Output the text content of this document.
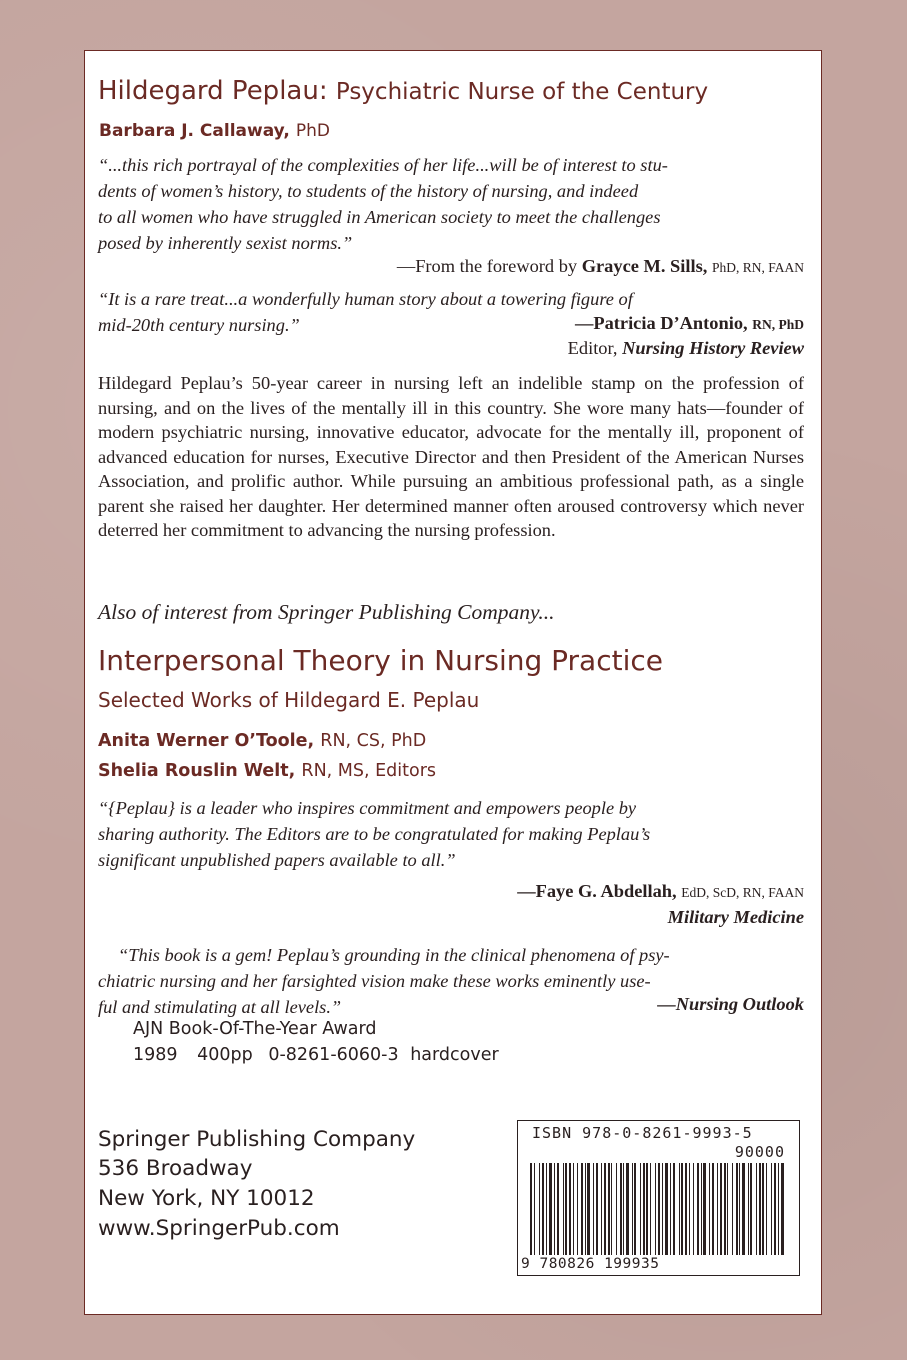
Hildegard Peplau: Psychiatric Nurse of the Century
Barbara J. Callaway, PhD
“...this rich portrayal of the complexities of her life...will be of interest to stu-
dents of women’s history, to students of the history of nursing, and indeed
to all women who have struggled in American society to meet the challenges
posed by inherently sexist norms.”
—From the foreword by Grayce M. Sills, PhD, RN, FAAN
“It is a rare treat...a wonderfully human story about a towering figure of
mid-20th century nursing.”	—Patricia D’Antonio, RN, PhD
Editor, Nursing History Review
Hildegard Peplau’s 50-year career in nursing left an indelible stamp on the profession of nursing, and on the lives of the mentally ill in this country. She wore many hats—founder of modern psychiatric nursing, innovative educator, advocate for the mentally ill, proponent of advanced education for nurses, Executive Director and then President of the American Nurses Association, and prolific author. While pursuing an ambitious professional path, as a single parent she raised her daughter. Her determined manner often aroused controversy which never deterred her commitment to advancing the nursing profession.
Also of interest from Springer Publishing Company...
Interpersonal Theory in Nursing Practice
Selected Works of Hildegard E. Peplau
Anita Werner O’Toole, RN, CS, PhD
Shelia Rouslin Welt, RN, MS, Editors
“{Peplau} is a leader who inspires commitment and empowers people by
sharing authority. The Editors are to be congratulated for making Peplau’s
significant unpublished papers available to all.”
—Faye G. Abdellah, EdD, ScD, RN, FAAN
Military Medicine
“This book is a gem! Peplau’s grounding in the clinical phenomena of psy-
chiatric nursing and her farsighted vision make these works eminently use-
ful and stimulating at all levels.”	—Nursing Outlook
AJN Book-Of-The-Year Award
1989 400pp 0-8261-6060-3 hardcover
Springer Publishing Company
536 Broadway
New York, NY 10012
www.SpringerPub.com
ISBN 978-0-8261-9993-5
90000
9 780826 199935
